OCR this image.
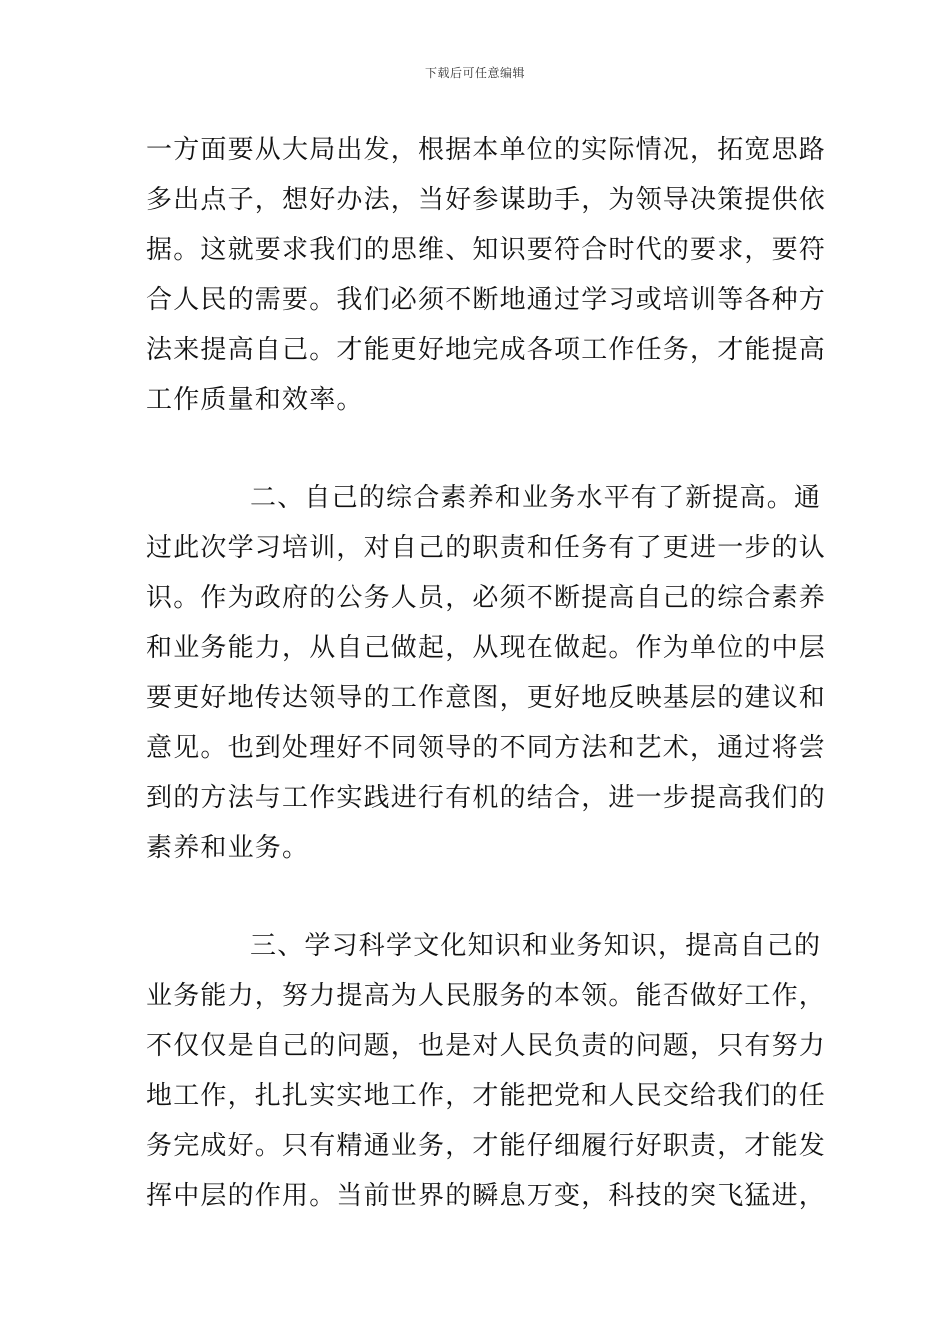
下载后可任意编辑
一方面要从大局出发，根据本单位的实际情况，拓宽思路
多出点子，想好办法，当好参谋助手，为领导决策提供依
据。这就要求我们的思维、知识要符合时代的要求，要符
合人民的需要。我们必须不断地通过学习或培训等各种方
法来提高自己。才能更好地完成各项工作任务，才能提高
工作质量和效率。
二、自己的综合素养和业务水平有了新提高。通
过此次学习培训，对自己的职责和任务有了更进一步的认
识。作为政府的公务人员，必须不断提高自己的综合素养
和业务能力，从自己做起，从现在做起。作为单位的中层
要更好地传达领导的工作意图，更好地反映基层的建议和
意见。也到处理好不同领导的不同方法和艺术，通过将尝
到的方法与工作实践进行有机的结合，进一步提高我们的
素养和业务。
三、学习科学文化知识和业务知识，提高自己的
业务能力，努力提高为人民服务的本领。能否做好工作，
不仅仅是自己的问题，也是对人民负责的问题，只有努力
地工作，扎扎实实地工作，才能把党和人民交给我们的任
务完成好。只有精通业务，才能仔细履行好职责，才能发
挥中层的作用。当前世界的瞬息万变，科技的突飞猛进，
